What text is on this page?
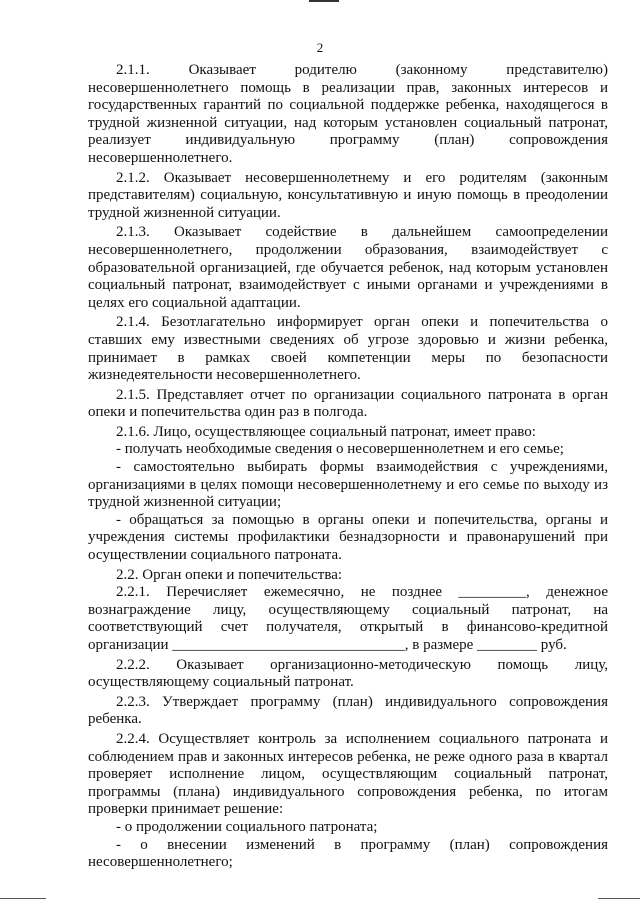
2

2.1.1. Оказывает родителю (законному представителю) несовершеннолетнего помощь в реализации прав, законных интересов и государственных гарантий по социальной поддержке ребенка, находящегося в трудной жизненной ситуации, над которым установлен социальный патронат, реализует индивидуальную программу (план) сопровождения несовершеннолетнего.

2.1.2. Оказывает несовершеннолетнему и его родителям (законным представителям) социальную, консультативную и иную помощь в преодолении трудной жизненной ситуации.

2.1.3. Оказывает содействие в дальнейшем самоопределении несовершеннолетнего, продолжении образования, взаимодействует с образовательной организацией, где обучается ребенок, над которым установлен социальный патронат, взаимодействует с иными органами и учреждениями в целях его социальной адаптации.

2.1.4. Безотлагательно информирует орган опеки и попечительства о ставших ему известными сведениях об угрозе здоровью и жизни ребенка, принимает в рамках своей компетенции меры по безопасности жизнедеятельности несовершеннолетнего.

2.1.5. Представляет отчет по организации социального патроната в орган опеки и попечительства один раз в полгода.

2.1.6. Лицо, осуществляющее социальный патронат, имеет право:

- получать необходимые сведения о несовершеннолетнем и его семье;

- самостоятельно выбирать формы взаимодействия с учреждениями, организациями в целях помощи несовершеннолетнему и его семье по выходу из трудной жизненной ситуации;

- обращаться за помощью в органы опеки и попечительства, органы и учреждения системы профилактики безнадзорности и правонарушений при осуществлении социального патроната.

2.2. Орган опеки и попечительства:

2.2.1. Перечисляет ежемесячно, не позднее _________, денежное вознаграждение лицу, осуществляющему социальный патронат, на соответствующий счет получателя, открытый в финансово-кредитной организации _______________________________, в размере ________ руб.

2.2.2. Оказывает организационно-методическую помощь лицу, осуществляющему социальный патронат.

2.2.3. Утверждает программу (план) индивидуального сопровождения ребенка.

2.2.4. Осуществляет контроль за исполнением социального патроната и соблюдением прав и законных интересов ребенка, не реже одного раза в квартал проверяет исполнение лицом, осуществляющим социальный патронат, программы (плана) индивидуального сопровождения ребенка, по итогам проверки принимает решение:

- о продолжении социального патроната;

- о внесении изменений в программу (план) сопровождения несовершеннолетнего;
